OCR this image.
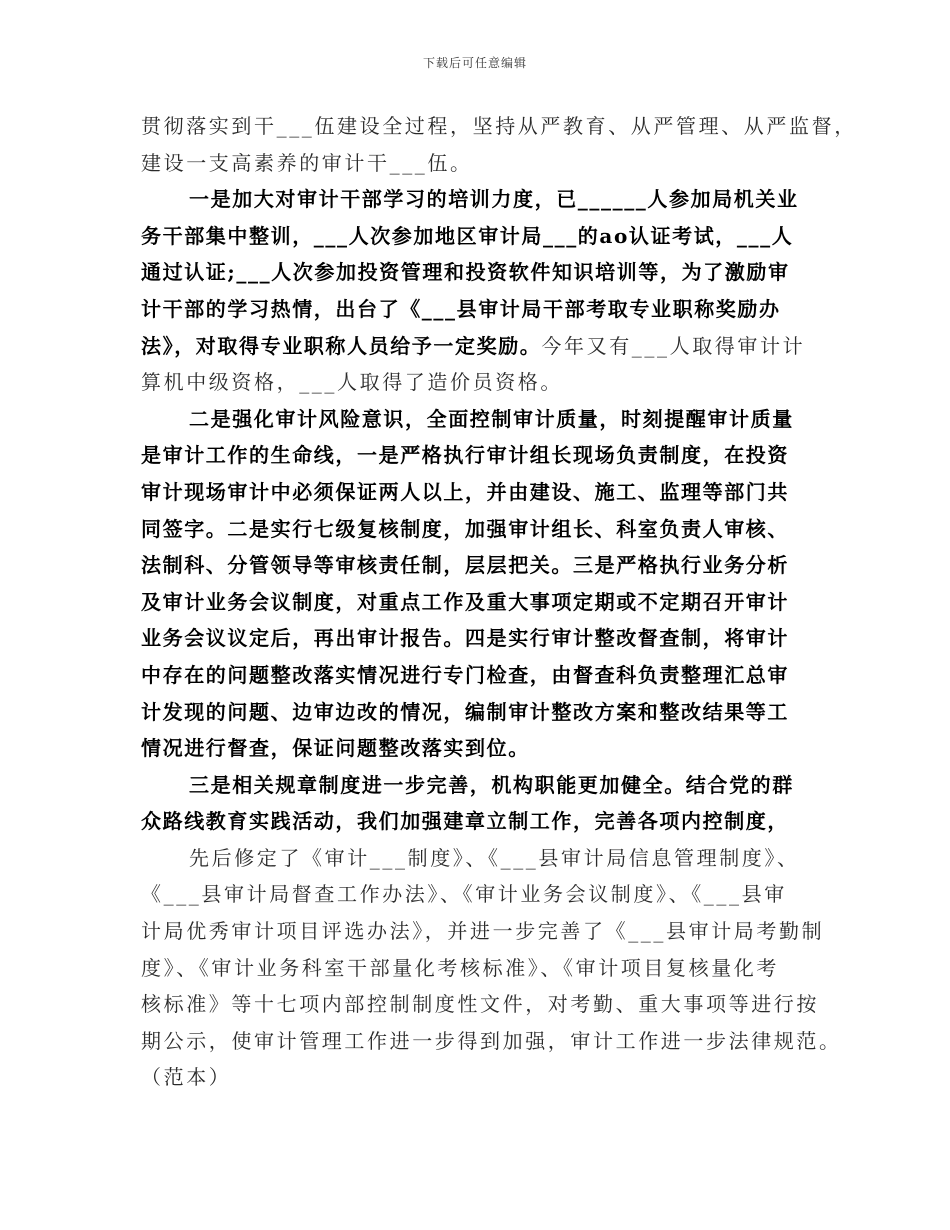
下载后可任意编辑
贯彻落实到干___伍建设全过程，坚持从严教育、从严管理、从严监督，
建设一支高素养的审计干___伍。
一是加大对审计干部学习的培训力度，已______人参加局机关业
务干部集中整训，___人次参加地区审计局___的ao认证考试，___人
通过认证;___人次参加投资管理和投资软件知识培训等，为了激励审
计干部的学习热情，出台了《___县审计局干部考取专业职称奖励办
法》，对取得专业职称人员给予一定奖励。今年又有___人取得审计计
算机中级资格，___人取得了造价员资格。
二是强化审计风险意识，全面控制审计质量，时刻提醒审计质量
是审计工作的生命线，一是严格执行审计组长现场负责制度，在投资
审计现场审计中必须保证两人以上，并由建设、施工、监理等部门共
同签字。二是实行七级复核制度，加强审计组长、科室负责人审核、
法制科、分管领导等审核责任制，层层把关。三是严格执行业务分析
及审计业务会议制度，对重点工作及重大事项定期或不定期召开审计
业务会议议定后，再出审计报告。四是实行审计整改督查制，将审计
中存在的问题整改落实情况进行专门检查，由督查科负责整理汇总审
计发现的问题、边审边改的情况，编制审计整改方案和整改结果等工
情况进行督查，保证问题整改落实到位。
三是相关规章制度进一步完善，机构职能更加健全。结合党的群
众路线教育实践活动，我们加强建章立制工作，完善各项内控制度，
先后修定了《审计___制度》、《___县审计局信息管理制度》、
《___县审计局督查工作办法》、《审计业务会议制度》、《___县审
计局优秀审计项目评选办法》，并进一步完善了《___县审计局考勤制
度》、《审计业务科室干部量化考核标准》、《审计项目复核量化考
核标准》等十七项内部控制制度性文件，对考勤、重大事项等进行按
期公示，使审计管理工作进一步得到加强，审计工作进一步法律规范。
（范本）
